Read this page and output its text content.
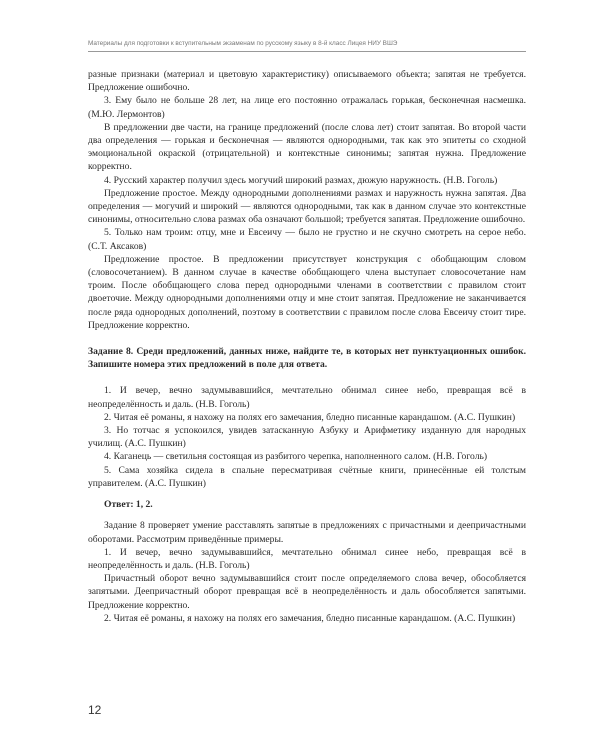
Материалы для подготовки к вступительным экзаменам по русскому языку в 8-й класс Лицея НИУ ВШЭ

разные признаки (материал и цветовую характеристику) описываемого объекта; запятая не требуется. Предложение ошибочно.

3. Ему было не больше 28 лет, на лице его постоянно отражалась горькая, бесконечная насмешка. (М.Ю. Лермонтов)

В предложении две части, на границе предложений (после слова лет) стоит запятая. Во второй части два определения — горькая и бесконечная — являются однородными, так как это эпитеты со сходной эмоциональной окраской (отрицательной) и контекстные синонимы; запятая нужна. Предложение корректно.

4. Русский характер получил здесь могучий широкий размах, дюжую наружность. (Н.В. Гоголь)

Предложение простое. Между однородными дополнениями размах и наружность нужна запятая. Два определения — могучий и широкий — являются однородными, так как в данном случае это контекстные синонимы, относительно слова размах оба означают большой; требуется запятая. Предложение ошибочно.

5. Только нам троим: отцу, мне и Евсеичу — было не грустно и не скучно смотреть на серое небо. (С.Т. Аксаков)

Предложение простое. В предложении присутствует конструкция с обобщающим словом (словосочетанием). В данном случае в качестве обобщающего члена выступает словосочетание нам троим. После обобщающего слова перед однородными членами в соответствии с правилом стоит двоеточие. Между однородными дополнениями отцу и мне стоит запятая. Предложение не заканчивается после ряда однородных дополнений, поэтому в соответствии с правилом после слова Евсеичу стоит тире. Предложение корректно.

Задание 8. Среди предложений, данных ниже, найдите те, в которых нет пунктуационных ошибок. Запишите номера этих предложений в поле для ответа.

1. И вечер, вечно задумывавшийся, мечтательно обнимал синее небо, превращая всё в неопределённость и даль. (Н.В. Гоголь)

2. Читая её романы, я нахожу на полях его замечания, бледно писанные карандашом. (А.С. Пушкин)

3. Но тотчас я успокоился, увидев затасканную Азбуку и Арифметику изданную для народных училищ. (А.С. Пушкин)

4. Каганець — светильня состоящая из разбитого черепка, наполненного салом. (Н.В. Гоголь)

5. Сама хозяйка сидела в спальне пересматривая счётные книги, принесённые ей толстым управителем. (А.С. Пушкин)

Ответ: 1, 2.

Задание 8 проверяет умение расставлять запятые в предложениях с причастными и деепричастными оборотами. Рассмотрим приведённые примеры.

1. И вечер, вечно задумывавшийся, мечтательно обнимал синее небо, превращая всё в неопределённость и даль. (Н.В. Гоголь)

Причастный оборот вечно задумывавшийся стоит после определяемого слова вечер, обособляется запятыми. Деепричастный оборот превращая всё в неопределённость и даль обособляется запятыми. Предложение корректно.

2. Читая её романы, я нахожу на полях его замечания, бледно писанные карандашом. (А.С. Пушкин)

12
